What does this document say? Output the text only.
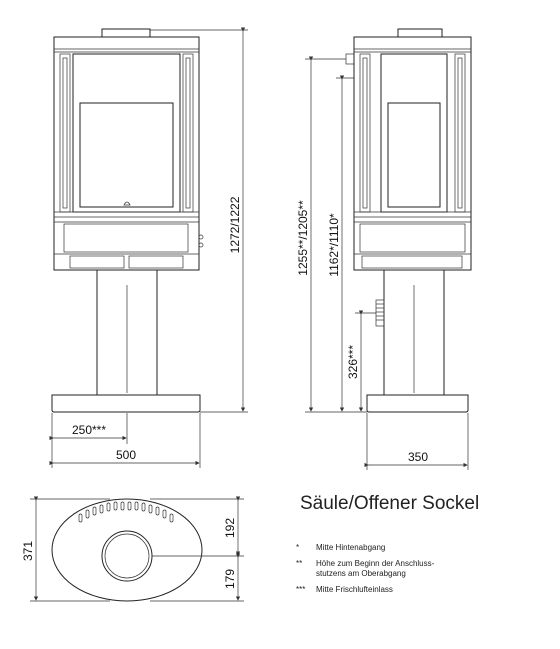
1272/1222
500
250***
1255**/1205** 1162*/1110*
326***
350
371
192
179
Säule/Offener Sockel
*	Mitte Hintenabgang
**	Höhe zum Beginn der Anschluss-
stutzens am Oberabgang
***	Mitte Frischlufteinlass
